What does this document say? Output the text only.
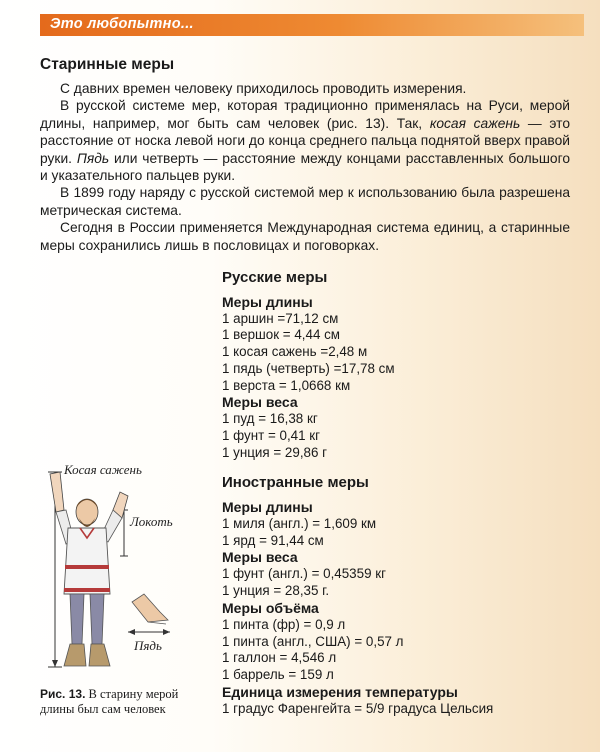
Это любопытно...
Старинные меры

С давних времен человеку приходилось проводить измерения.

В русской системе мер, которая традиционно применялась на Руси, мерой длины, например, мог быть сам человек (рис. 13). Так, косая сажень — это расстояние от носка левой ноги до конца среднего пальца поднятой вверх правой руки. Пядь или четверть — расстояние между концами расставленных большого и указательного пальцев руки.

В 1899 году наряду с русской системой мер к использованию была разрешена метрическая система.

Сегодня в России применяется Международная система единиц, а старинные меры сохранились лишь в пословицах и поговорках.

Русские меры
Меры длины
1 аршин =71,12 см
1 вершок = 4,44 см
1 косая сажень =2,48 м
1 пядь (четверть) =17,78 см
1 верста = 1,0668 км
Меры веса
1 пуд = 16,38 кг
1 фунт = 0,41 кг
1 унция = 29,86 г
Иностранные меры
Меры длины
1 миля (англ.) = 1,609 км
1 ярд = 91,44 см
Меры веса
1 фунт (англ.) = 0,45359 кг
1 унция = 28,35 г.
Меры объёма
1 пинта (фр) = 0,9 л
1 пинта (англ., США) = 0,57 л
1 галлон = 4,546 л
1 баррель = 159 л
Единица измерения температуры
1 градус Фаренгейта = 5/9 градуса Цельсия
Косая сажень
Локоть
Пядь
Рис. 13. В старину мерой длины был сам человек
